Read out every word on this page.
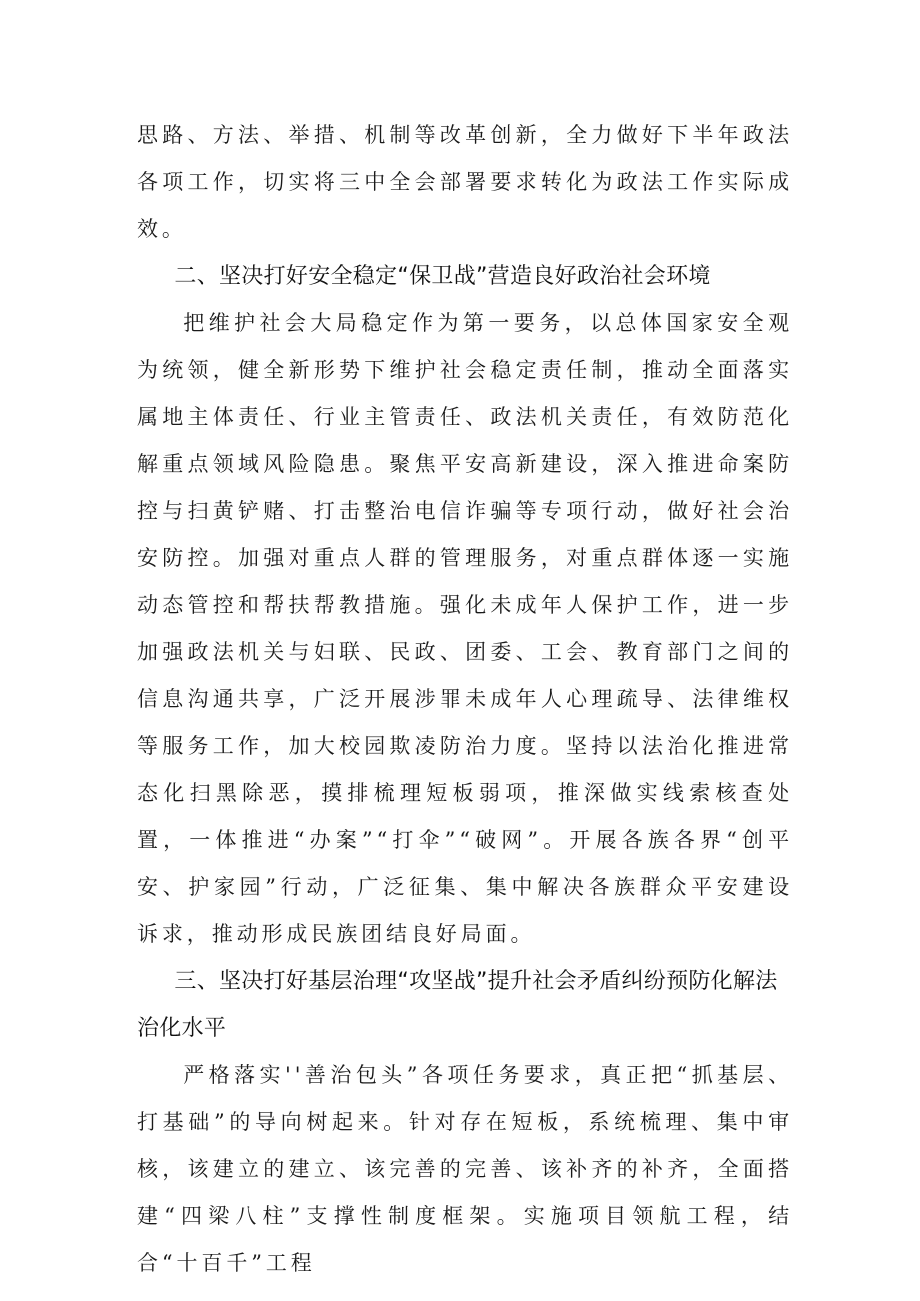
思路、方法、举措、机制等改革创新，全力做好下半年政法各项工作，切实将三中全会部署要求转化为政法工作实际成效。

二、坚决打好安全稳定“保卫战”营造良好政治社会环境

把维护社会大局稳定作为第一要务，以总体国家安全观为统领，健全新形势下维护社会稳定责任制，推动全面落实属地主体责任、行业主管责任、政法机关责任，有效防范化解重点领域风险隐患。聚焦平安高新建设，深入推进命案防控与扫黄铲赌、打击整治电信诈骗等专项行动，做好社会治安防控。加强对重点人群的管理服务，对重点群体逐一实施动态管控和帮扶帮教措施。强化未成年人保护工作，进一步加强政法机关与妇联、民政、团委、工会、教育部门之间的信息沟通共享，广泛开展涉罪未成年人心理疏导、法律维权等服务工作，加大校园欺凌防治力度。坚持以法治化推进常态化扫黑除恶，摸排梳理短板弱项，推深做实线索核查处置，一体推进“办案”“打伞”“破网”。开展各族各界“创平安、护家园”行动，广泛征集、集中解决各族群众平安建设诉求，推动形成民族团结良好局面。

三、坚决打好基层治理“攻坚战”提升社会矛盾纠纷预防化解法治化水平

严格落实''善治包头”各项任务要求，真正把“抓基层、打基础”的导向树起来。针对存在短板，系统梳理、集中审核，该建立的建立、该完善的完善、该补齐的补齐，全面搭建“四梁八柱”支撑性制度框架。实施项目领航工程，结合“十百千”工程
